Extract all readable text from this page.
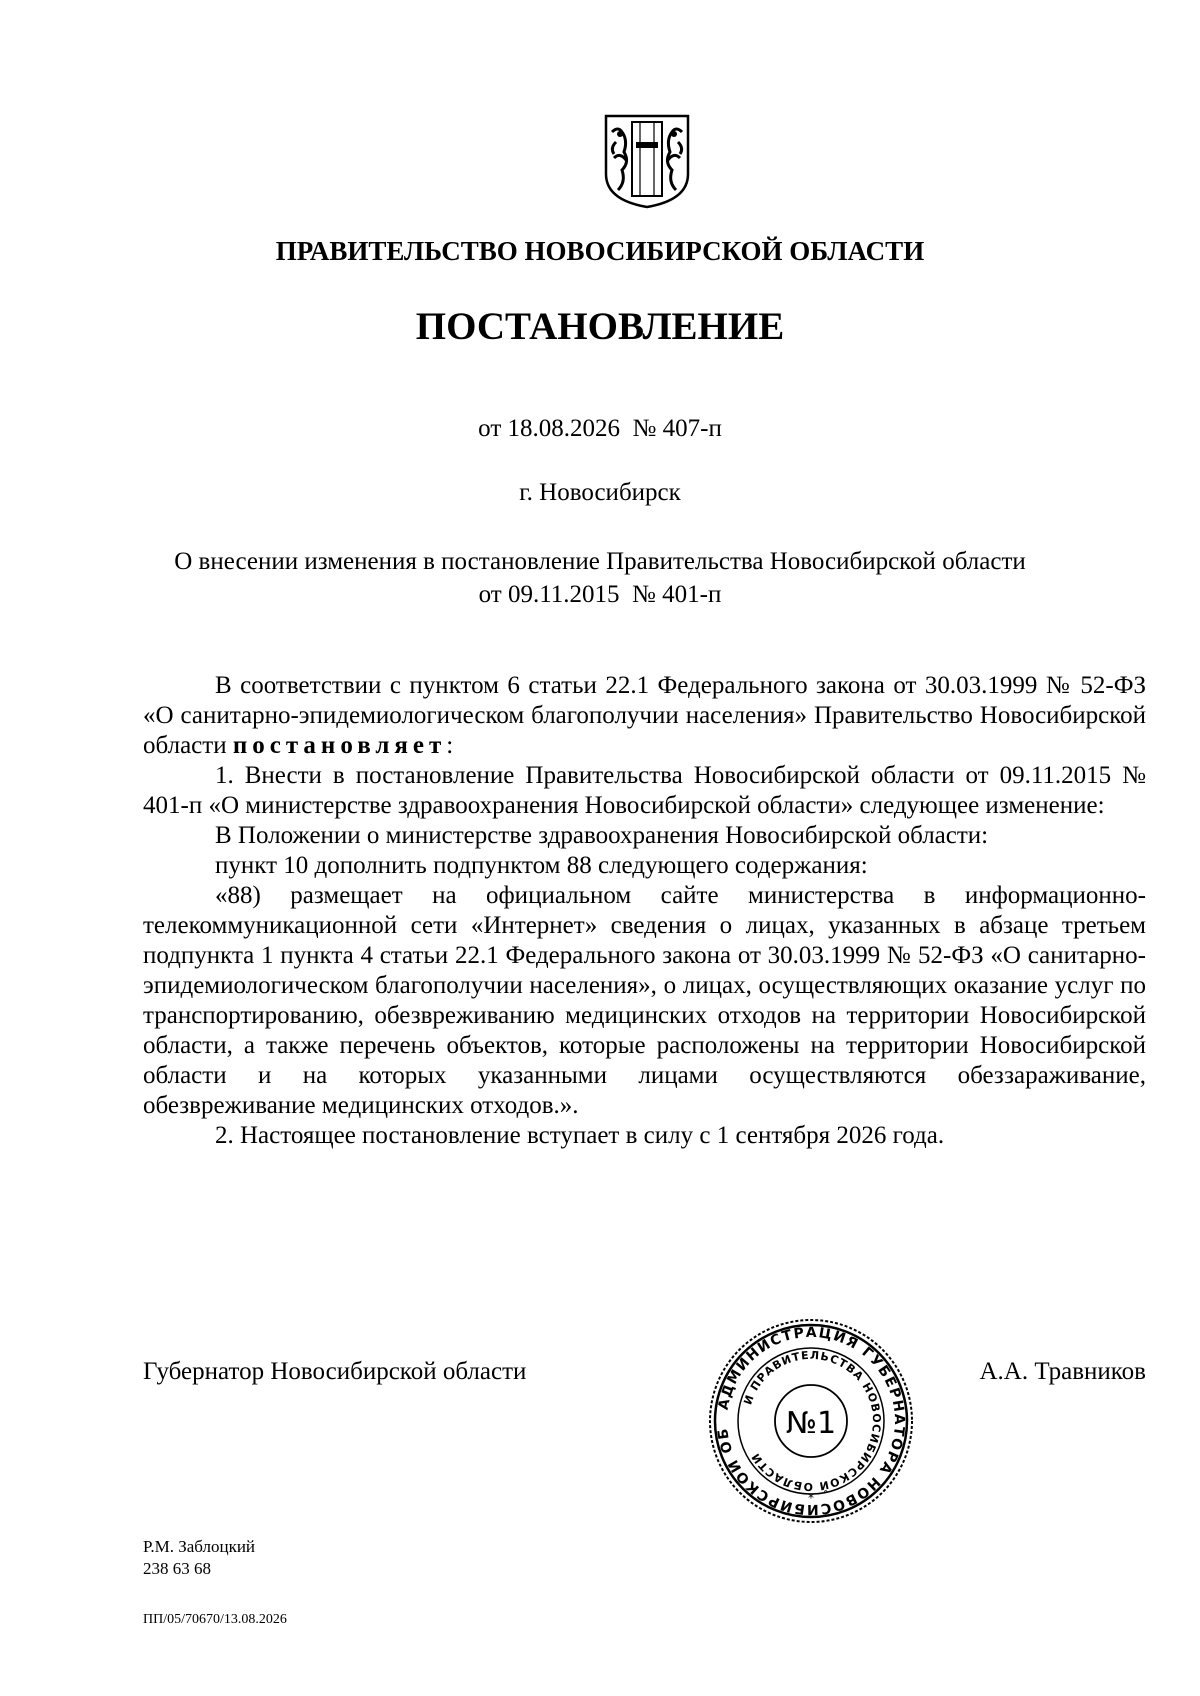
ПРАВИТЕЛЬСТВО НОВОСИБИРСКОЙ ОБЛАСТИ
ПОСТАНОВЛЕНИЕ
от 18.08.2026  № 407-п
г. Новосибирск
О внесении изменения в постановление Правительства Новосибирской области
от 09.11.2015  № 401-п

В соответствии с пунктом 6 статьи 22.1 Федерального закона от 30.03.1999 № 52-ФЗ «О санитарно-эпидемиологическом благополучии населения» Правительство Новосибирской области постановляет:

1. Внести в постановление Правительства Новосибирской области от 09.11.2015 № 401-п «О министерстве здравоохранения Новосибирской области» следующее изменение:

В Положении о министерстве здравоохранения Новосибирской области:

пункт 10 дополнить подпунктом 88 следующего содержания:

«88) размещает на официальном сайте министерства в информационно-телекоммуникационной сети «Интернет» сведения о лицах, указанных в абзаце третьем подпункта 1 пункта 4 статьи 22.1 Федерального закона от 30.03.1999 № 52-ФЗ «О санитарно-эпидемиологическом благополучии населения», о лицах, осуществляющих оказание услуг по транспортированию, обезвреживанию медицинских отходов на территории Новосибирской области, а также перечень объектов, которые расположены на территории Новосибирской области и на которых указанными лицами осуществляются обеззараживание, обезвреживание медицинских отходов.».

2. Настоящее постановление вступает в силу с 1 сентября 2026 года.

Губернатор Новосибирской области	А.А. Травников
АДМИНИСТРАЦИЯ ГУБЕРНАТОРА НОВОСИБИРСКОЙ ОБ
И ПРАВИТЕЛЬСТВА НОВОСИБИРСКОЙ ОБЛАСТИ
№1
*
Р.М. Заблоцкий
238 63 68
ПП/05/70670/13.08.2026
